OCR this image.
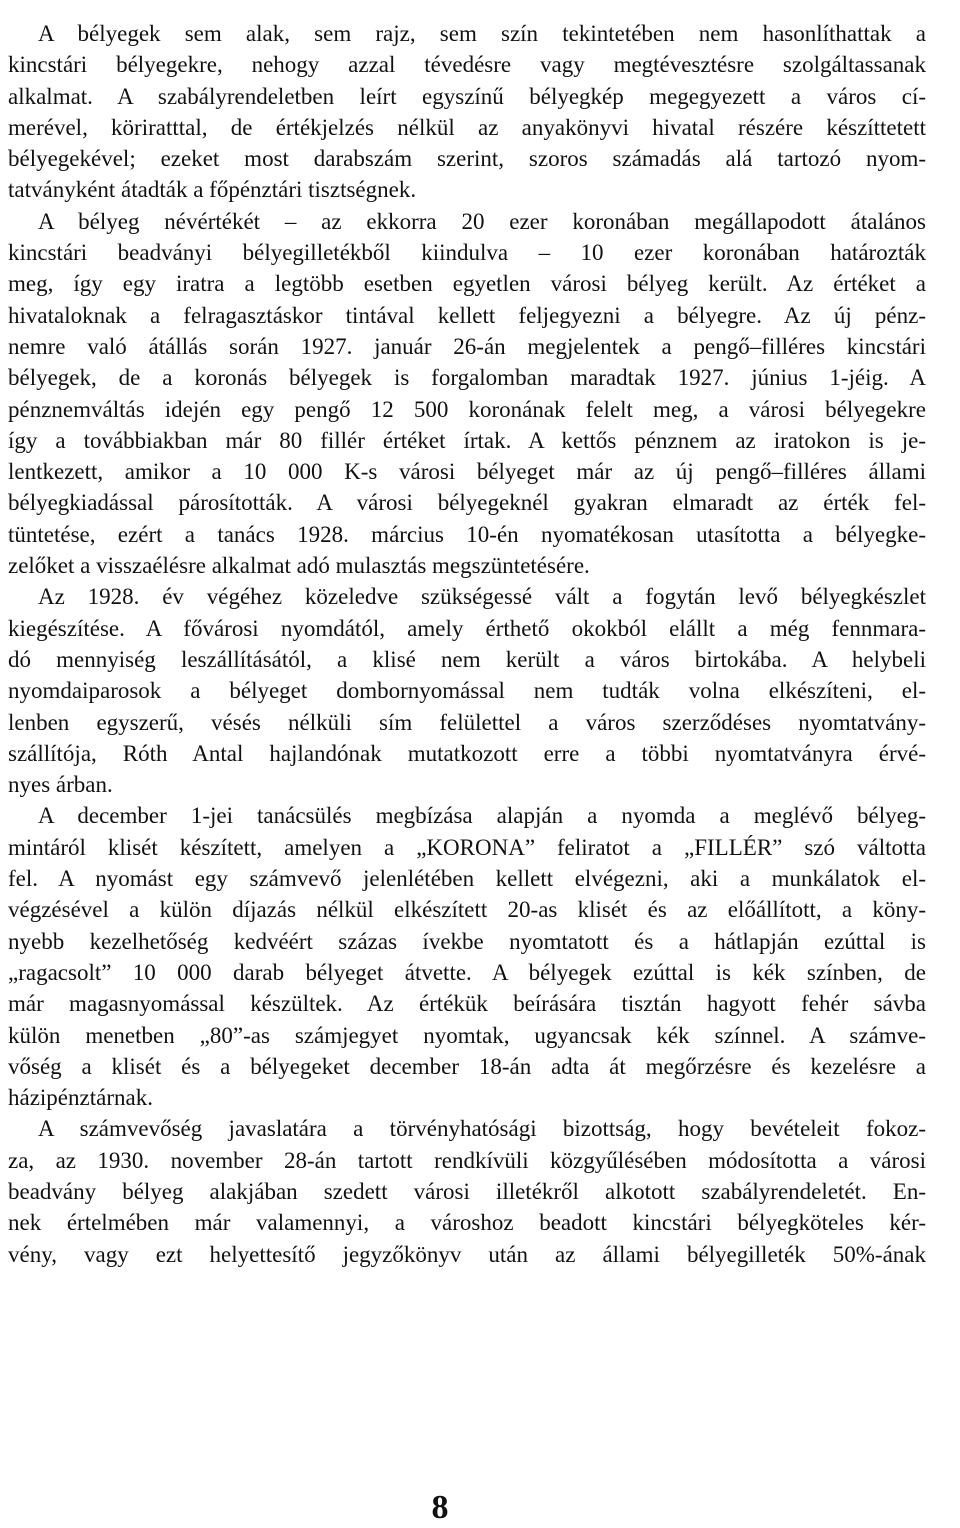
A bélyegek sem alak, sem rajz, sem szín tekintetében nem hasonlíthattak a
kincstári bélyegekre, nehogy azzal tévedésre vagy megtévesztésre szolgáltassanak
alkalmat. A szabályrendeletben leírt egyszínű bélyegkép megegyezett a város cí-
merével, köriratttal, de értékjelzés nélkül az anyakönyvi hivatal részére készíttetett
bélyegekével; ezeket most darabszám szerint, szoros számadás alá tartozó nyom-
tatványként átadták a főpénztári tisztségnek.
A bélyeg névértékét – az ekkorra 20 ezer koronában megállapodott átalános
kincstári beadványi bélyegilletékből kiindulva – 10 ezer koronában határozták
meg, így egy iratra a legtöbb esetben egyetlen városi bélyeg került. Az értéket a
hivataloknak a felragasztáskor tintával kellett feljegyezni a bélyegre. Az új pénz-
nemre való átállás során 1927. január 26-án megjelentek a pengő–filléres kincstári
bélyegek, de a koronás bélyegek is forgalomban maradtak 1927. június 1-jéig. A
pénznemváltás idején egy pengő 12 500 koronának felelt meg, a városi bélyegekre
így a továbbiakban már 80 fillér értéket írtak. A kettős pénznem az iratokon is je-
lentkezett, amikor a 10 000 K-s városi bélyeget már az új pengő–filléres állami
bélyegkiadással párosították. A városi bélyegeknél gyakran elmaradt az érték fel-
tüntetése, ezért a tanács 1928. március 10-én nyomatékosan utasította a bélyegke-
zelőket a visszaélésre alkalmat adó mulasztás megszüntetésére.
Az 1928. év végéhez közeledve szükségessé vált a fogytán levő bélyegkészlet
kiegészítése. A fővárosi nyomdától, amely érthető okokból elállt a még fennmara-
dó mennyiség leszállításától, a klisé nem került a város birtokába. A helybeli
nyomdaiparosok a bélyeget dombornyomással nem tudták volna elkészíteni, el-
lenben egyszerű, vésés nélküli sím felülettel a város szerződéses nyomtatvány-
szállítója, Róth Antal hajlandónak mutatkozott erre a többi nyomtatványra érvé-
nyes árban.
A december 1-jei tanácsülés megbízása alapján a nyomda a meglévő bélyeg-
mintáról klisét készített, amelyen a „KORONA” feliratot a „FILLÉR” szó váltotta
fel. A nyomást egy számvevő jelenlétében kellett elvégezni, aki a munkálatok el-
végzésével a külön díjazás nélkül elkészített 20-as klisét és az előállított, a köny-
nyebb kezelhetőség kedvéért százas ívekbe nyomtatott és a hátlapján ezúttal is
„ragacsolt” 10 000 darab bélyeget átvette. A bélyegek ezúttal is kék színben, de
már magasnyomással készültek. Az értékük beírására tisztán hagyott fehér sávba
külön menetben „80”-as számjegyet nyomtak, ugyancsak kék színnel. A számve-
vőség a klisét és a bélyegeket december 18-án adta át megőrzésre és kezelésre a
házipénztárnak.
A számvevőség javaslatára a törvényhatósági bizottság, hogy bevételeit fokoz-
za, az 1930. november 28-án tartott rendkívüli közgyűlésében módosította a városi
beadvány bélyeg alakjában szedett városi illetékről alkotott szabályrendeletét. En-
nek értelmében már valamennyi, a városhoz beadott kincstári bélyegköteles kér-
vény, vagy ezt helyettesítő jegyzőkönyv után az állami bélyegilleték 50%-ának
8
